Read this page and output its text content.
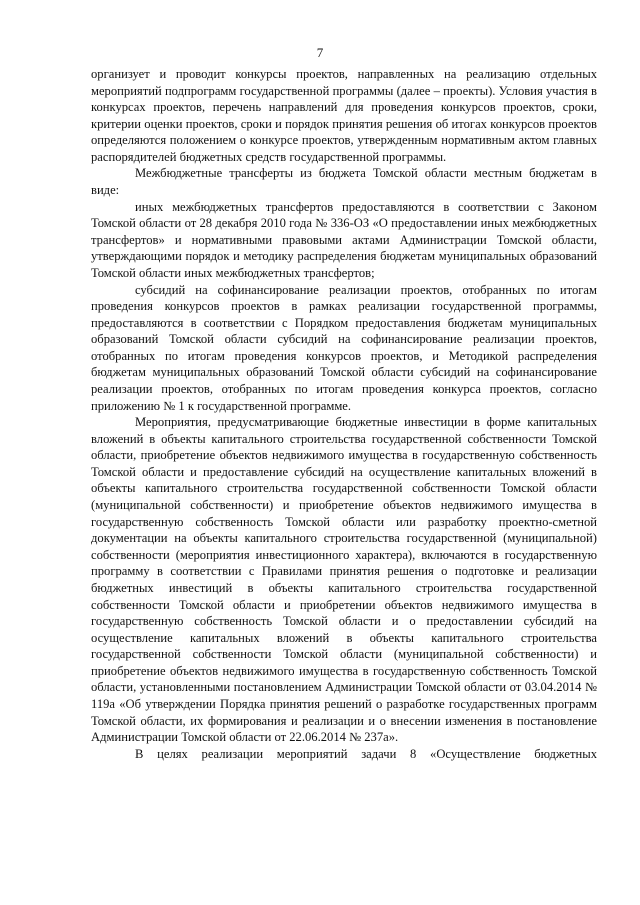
7

организует и проводит конкурсы проектов, направленных на реализацию отдельных мероприятий подпрограмм государственной программы (далее – проекты). Условия участия в конкурсах проектов, перечень направлений для проведения конкурсов проектов, сроки, критерии оценки проектов, сроки и порядок принятия решения об итогах конкурсов проектов определяются положением о конкурсе проектов, утвержденным нормативным актом главных распорядителей бюджетных средств государственной программы.

Межбюджетные трансферты из бюджета Томской области местным бюджетам в виде:

иных межбюджетных трансфертов предоставляются в соответствии с Законом Томской области от 28 декабря 2010 года № 336-ОЗ «О предоставлении иных межбюджетных трансфертов» и нормативными правовыми актами Администрации Томской области, утверждающими порядок и методику распределения бюджетам муниципальных образований Томской области иных межбюджетных трансфертов;

субсидий на софинансирование реализации проектов, отобранных по итогам проведения конкурсов проектов в рамках реализации государственной программы, предоставляются в соответствии с Порядком предоставления бюджетам муниципальных образований Томской области субсидий на софинансирование реализации проектов, отобранных по итогам проведения конкурсов проектов, и Методикой распределения бюджетам муниципальных образований Томской области субсидий на софинансирование реализации проектов, отобранных по итогам проведения конкурса проектов, согласно приложению № 1 к государственной программе.

Мероприятия, предусматривающие бюджетные инвестиции в форме капитальных вложений в объекты капитального строительства государственной собственности Томской области, приобретение объектов недвижимого имущества в государственную собственность Томской области и предоставление субсидий на осуществление капитальных вложений в объекты капитального строительства государственной собственности Томской области (муниципальной собственности) и приобретение объектов недвижимого имущества в государственную собственность Томской области или разработку проектно-сметной документации на объекты капитального строительства государственной (муниципальной) собственности (мероприятия инвестиционного характера), включаются в государственную программу в соответствии с Правилами принятия решения о подготовке и реализации бюджетных инвестиций в объекты капитального строительства государственной собственности Томской области и приобретении объектов недвижимого имущества в государственную собственность Томской области и о предоставлении субсидий на осуществление капитальных вложений в объекты капитального строительства государственной собственности Томской области (муниципальной собственности) и приобретение объектов недвижимого имущества в государственную собственность Томской области, установленными постановлением Администрации Томской области от 03.04.2014 № 119а «Об утверждении Порядка принятия решений о разработке государственных программ Томской области, их формирования и реализации и о внесении изменения в постановление Администрации Томской области от 22.06.2014 № 237а».

В целях реализации мероприятий задачи 8 «Осуществление бюджетных
